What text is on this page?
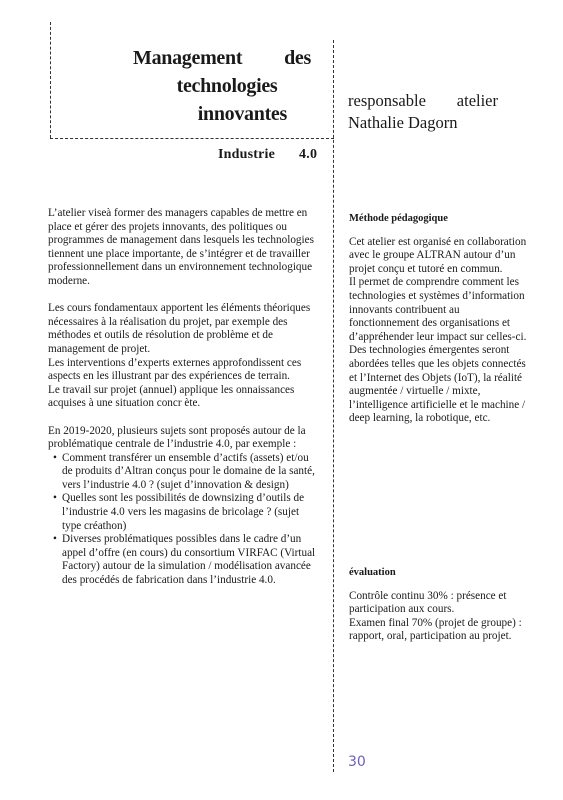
Management des
technologies
innovantes
responsable atelier
Nathalie Dagorn
Industrie 4.0

L’atelier viseà former des managers capables de mettre en place et gérer des projets innovants, des politiques ou programmes de management dans lesquels les technologies tiennent une place importante, de s’intégrer et de travailler professionnellement dans un environnement technologique moderne.

Les cours fondamentaux apportent les éléments théoriques nécessaires à la réalisation du projet, par exemple des méthodes et outils de résolution de problème et de management de projet.
Les interventions d’experts externes approfondissent ces aspects en les illustrant par des expériences de terrain.

Le travail sur projet (annuel) applique les onnaissances acquises à une situation concr ète.

En 2019-2020, plusieurs sujets sont proposés autour de la problématique centrale de l’industrie 4.0, par exemple :
• Comment transférer un ensemble d’actifs (assets) et/ou de produits d’Altran conçus pour le domaine de la santé, vers l’industrie 4.0 ? (sujet d’innovation & design)
• Quelles sont les possibilités de downsizing d’outils de l’industrie 4.0 vers les magasins de bricolage ? (sujet type créathon)
• Diverses problématiques possibles dans le cadre d’un appel d’offre (en cours) du consortium VIRFAC (Virtual Factory) autour de la simulation / modélisation avancée des procédés de fabrication dans l’industrie 4.0.
Méthode pédagogique

Cet atelier est organisé en collaboration avec le groupe ALTRAN autour d’un projet conçu et tutoré en commun.

Il permet de comprendre comment les technologies et systèmes d’information innovants contribuent au fonctionnement des organisations et d’appréhender leur impact sur celles-ci. Des technologies émergentes seront abordées telles que les objets connectés et l’Internet des Objets (IoT), la réalité augmentée / virtuelle / mixte, l’intelligence artificielle et le machine / deep learning, la robotique, etc.

évaluation

Contrôle continu 30% : présence et participation aux cours.

Examen final 70% (projet de groupe) : rapport, oral, participation au projet.

30
